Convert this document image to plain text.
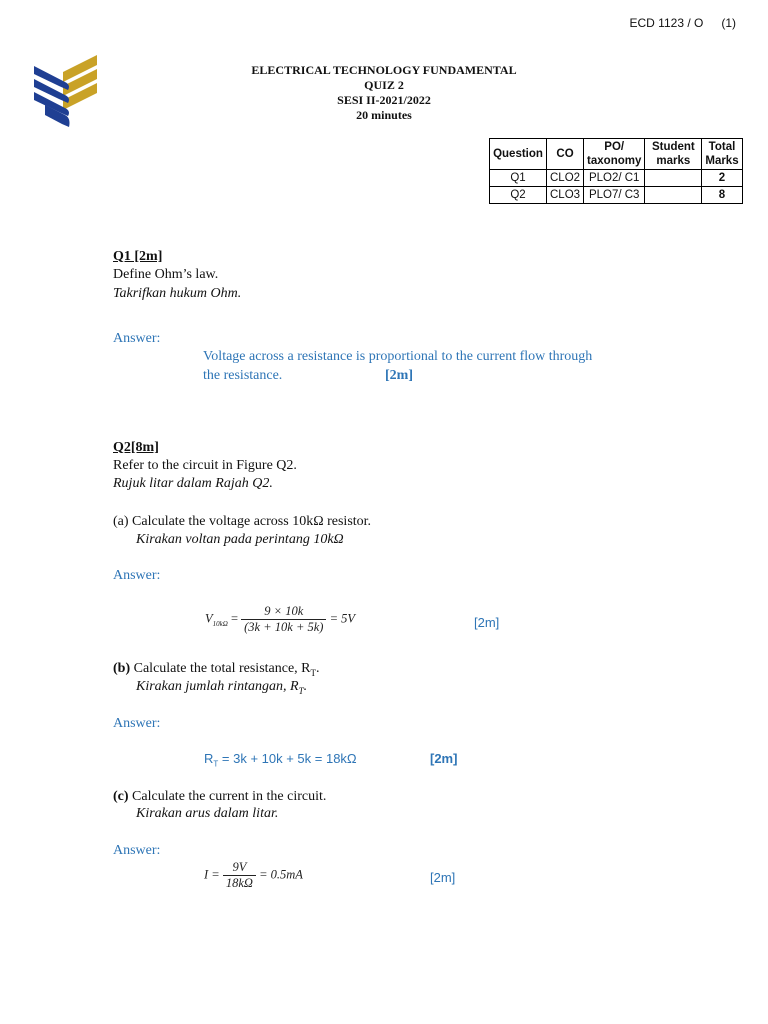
ECD 1123 / O (1)
ELECTRICAL TECHNOLOGY FUNDAMENTAL
QUIZ 2
SESI II-2021/2022
20 minutes
Question	CO	PO/ taxonomy	Student marks	Total Marks
Q1	CLO2	PLO2/ C1		2
Q2	CLO3	PLO7/ C3		8
Q1 [2m]
Define Ohm’s law.
Takrifkan hukum Ohm.
Answer:
Voltage across a resistance is proportional to the current flow through
the resistance.	[2m]
Q2[8m]
Refer to the circuit in Figure Q2.
Rujuk litar dalam Rajah Q2.
(a) Calculate the voltage across 10kΩ resistor.
Kirakan voltan pada perintang 10kΩ
Answer:
$V_{10k\Omega} = \frac{9 \times 10k}{(3k + 10k + 5k)} = 5V$	[2m]
(b) Calculate the total resistance, $R_T$.
Kirakan jumlah rintangan, $R_T$.
Answer:
$R_T = 3k + 10k + 5k = 18k\Omega$	[2m]
(c) Calculate the current in the circuit.
Kirakan arus dalam litar.
Answer:
$I = \frac{9V}{18k\Omega} = 0.5mA$	[2m]
